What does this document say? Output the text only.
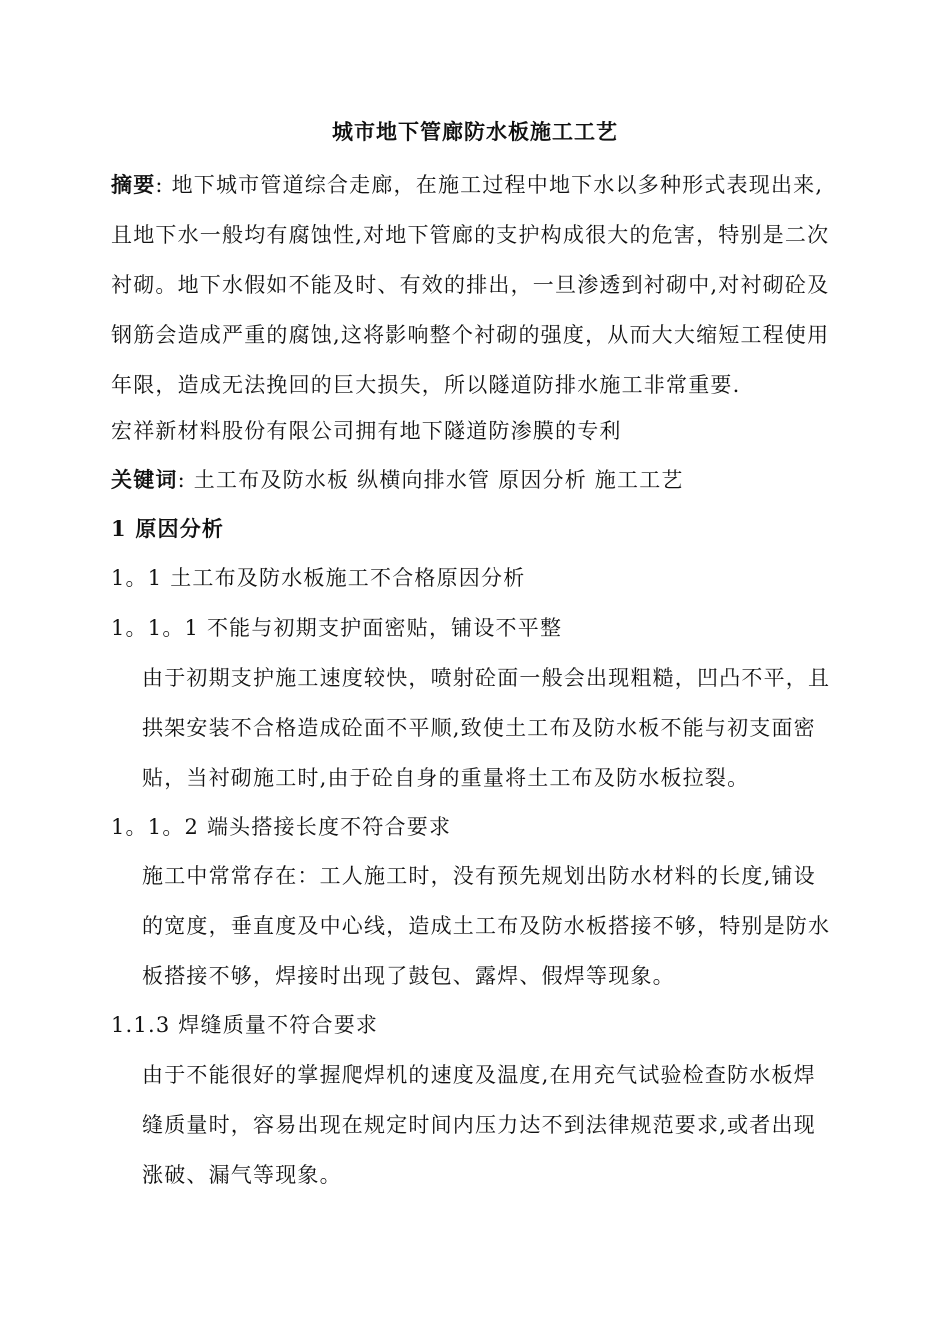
城市地下管廊防水板施工工艺
摘要: 地下城市管道综合走廊，在施工过程中地下水以多种形式表现出来,
且地下水一般均有腐蚀性,对地下管廊的支护构成很大的危害，特别是二次
衬砌。地下水假如不能及时、有效的排出，一旦渗透到衬砌中,对衬砌砼及
钢筋会造成严重的腐蚀,这将影响整个衬砌的强度，从而大大缩短工程使用
年限，造成无法挽回的巨大损失，所以隧道防排水施工非常重要.
宏祥新材料股份有限公司拥有地下隧道防渗膜的专利
关键词: 土工布及防水板 纵横向排水管 原因分析 施工工艺
1 原因分析
1。1 土工布及防水板施工不合格原因分析
1。1。1 不能与初期支护面密贴，铺设不平整
由于初期支护施工速度较快，喷射砼面一般会出现粗糙，凹凸不平，且
拱架安装不合格造成砼面不平顺,致使土工布及防水板不能与初支面密
贴，当衬砌施工时,由于砼自身的重量将土工布及防水板拉裂。
1。1。2 端头搭接长度不符合要求
施工中常常存在：工人施工时，没有预先规划出防水材料的长度,铺设
的宽度，垂直度及中心线，造成土工布及防水板搭接不够，特别是防水
板搭接不够，焊接时出现了鼓包、露焊、假焊等现象。
1.1.3 焊缝质量不符合要求
由于不能很好的掌握爬焊机的速度及温度,在用充气试验检查防水板焊
缝质量时，容易出现在规定时间内压力达不到法律规范要求,或者出现
涨破、漏气等现象。
